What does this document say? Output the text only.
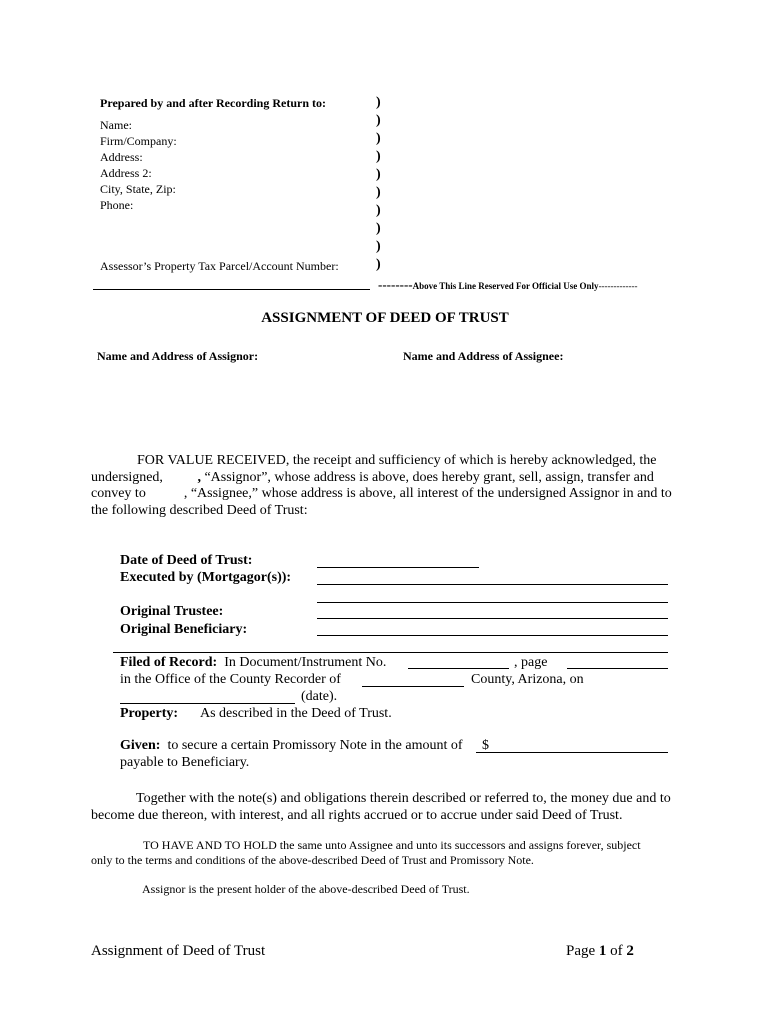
Prepared by and after Recording Return to:
Name:
Firm/Company:
Address:
Address 2:
City, State, Zip:
Phone:
Assessor’s Property Tax Parcel/Account Number:
)
)
)
)
)
)
)
)
)
)
--------Above This Line Reserved For Official Use Only-------------
ASSIGNMENT OF DEED OF TRUST
Name and Address of Assignor:	Name and Address of Assignee:
FOR VALUE RECEIVED, the receipt and sufficiency of which is hereby acknowledged, the
undersigned, , “Assignor”, whose address is above, does hereby grant, sell, assign, transfer and
convey to	, “Assignee,” whose address is above, all interest of the undersigned Assignor in and to
the following described Deed of Trust:
Date of Deed of Trust:
Executed by (Mortgagor(s)):
Original Trustee:
Original Beneficiary:
Filed of Record: In Document/Instrument No.	, page
in the Office of the County Recorder of	County, Arizona, on
(date).
Property: As described in the Deed of Trust.
Given: to secure a certain Promissory Note in the amount of $
payable to Beneficiary.
Together with the note(s) and obligations therein described or referred to, the money due and to
become due thereon, with interest, and all rights accrued or to accrue under said Deed of Trust.
TO HAVE AND TO HOLD the same unto Assignee and unto its successors and assigns forever, subject
only to the terms and conditions of the above-described Deed of Trust and Promissory Note.
Assignor is the present holder of the above-described Deed of Trust.
Assignment of Deed of Trust	Page 1 of 2
